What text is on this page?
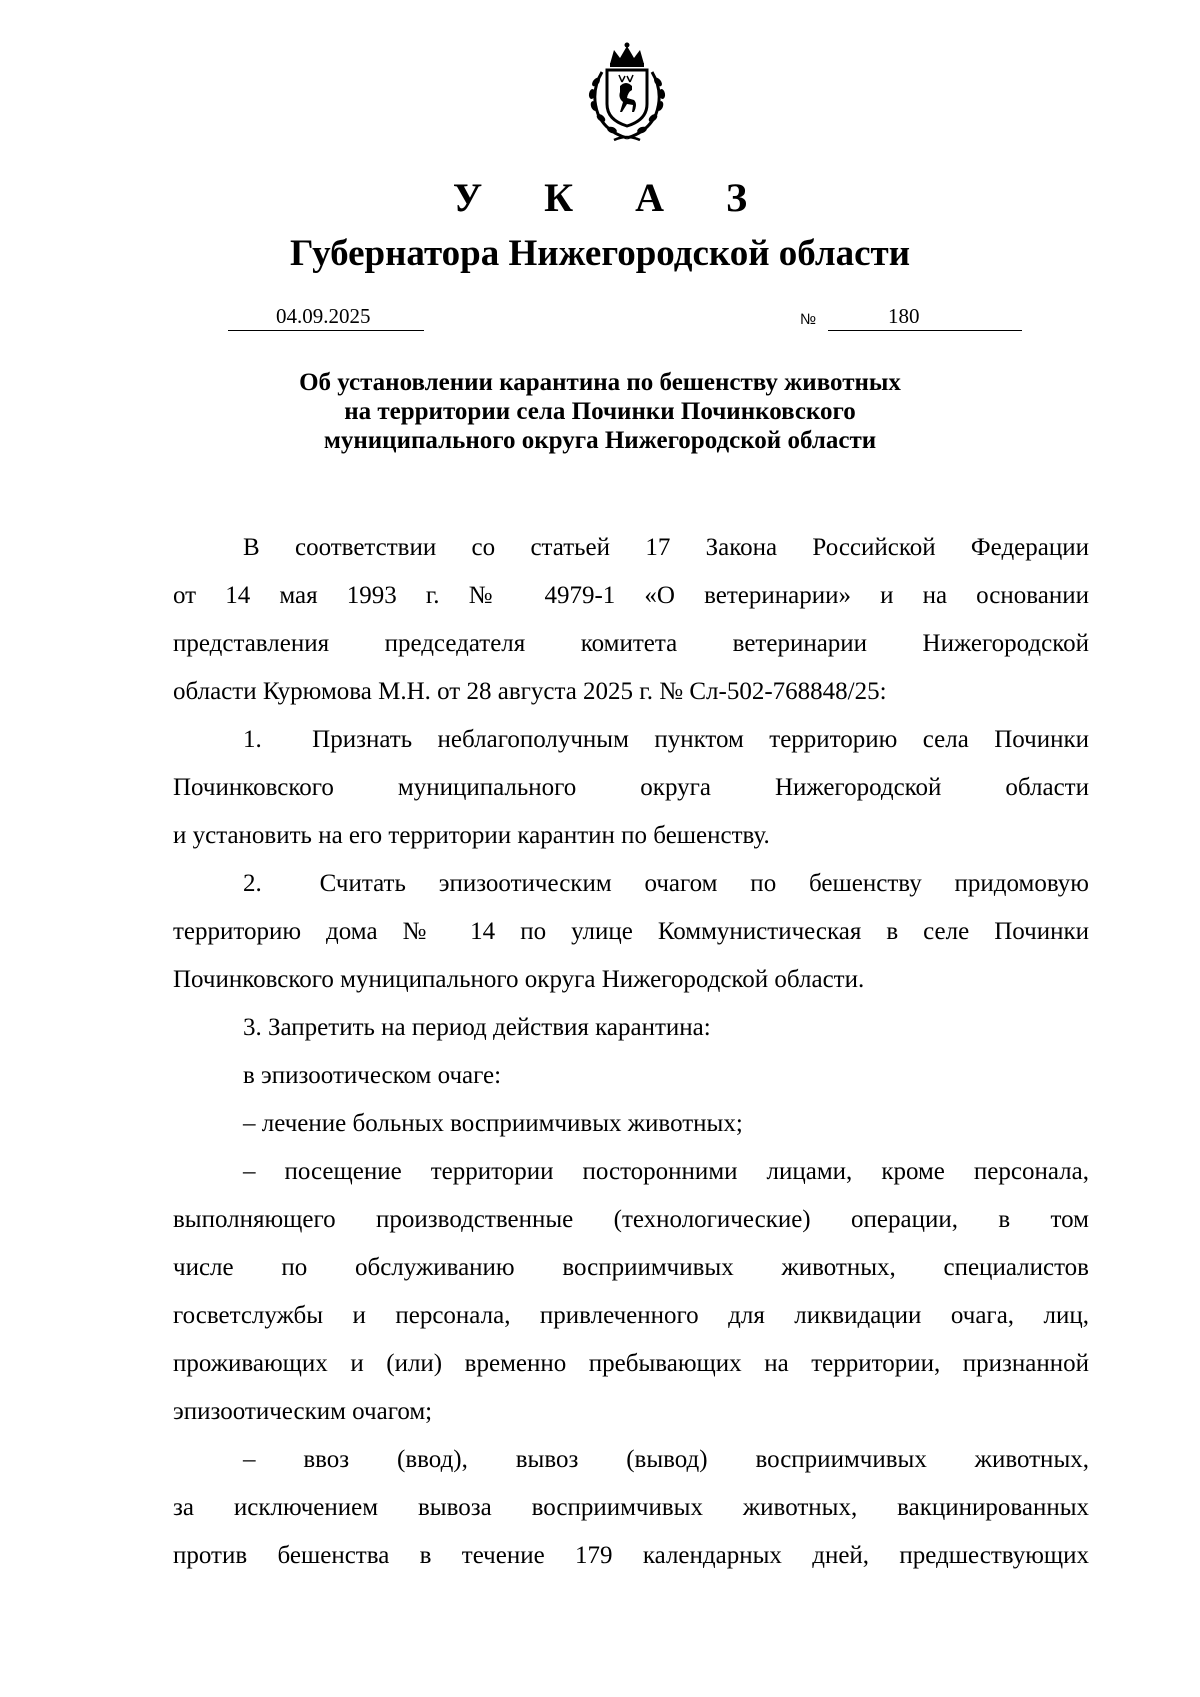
У К А З
Губернатора Нижегородской области
04.09.2025	№	180
Об установлении карантина по бешенству животных
на территории села Починки Починковского
муниципального округа Нижегородской области
В соответствии со статьей 17 Закона Российской Федерации
от 14 мая 1993 г. № 4979-1 «О ветеринарии» и на основании
представления председателя комитета ветеринарии Нижегородской
области Курюмова М.Н. от 28 августа 2025 г. № Сл-502-768848/25:
1.  Признать неблагополучным пунктом территорию села Починки
Починковского муниципального округа Нижегородской области
и установить на его территории карантин по бешенству.
2.  Считать эпизоотическим очагом по бешенству придомовую
территорию дома № 14 по улице Коммунистическая в селе Починки
Починковского муниципального округа Нижегородской области.
3. Запретить на период действия карантина:
в эпизоотическом очаге:
– лечение больных восприимчивых животных;
– посещение территории посторонними лицами, кроме персонала,
выполняющего производственные (технологические) операции, в том
числе по обслуживанию восприимчивых животных, специалистов
госветслужбы и персонала, привлеченного для ликвидации очага, лиц,
проживающих и (или) временно пребывающих на территории, признанной
эпизоотическим очагом;
– ввоз (ввод), вывоз (вывод) восприимчивых животных,
за исключением вывоза восприимчивых животных, вакцинированных
против бешенства в течение 179 календарных дней, предшествующих
